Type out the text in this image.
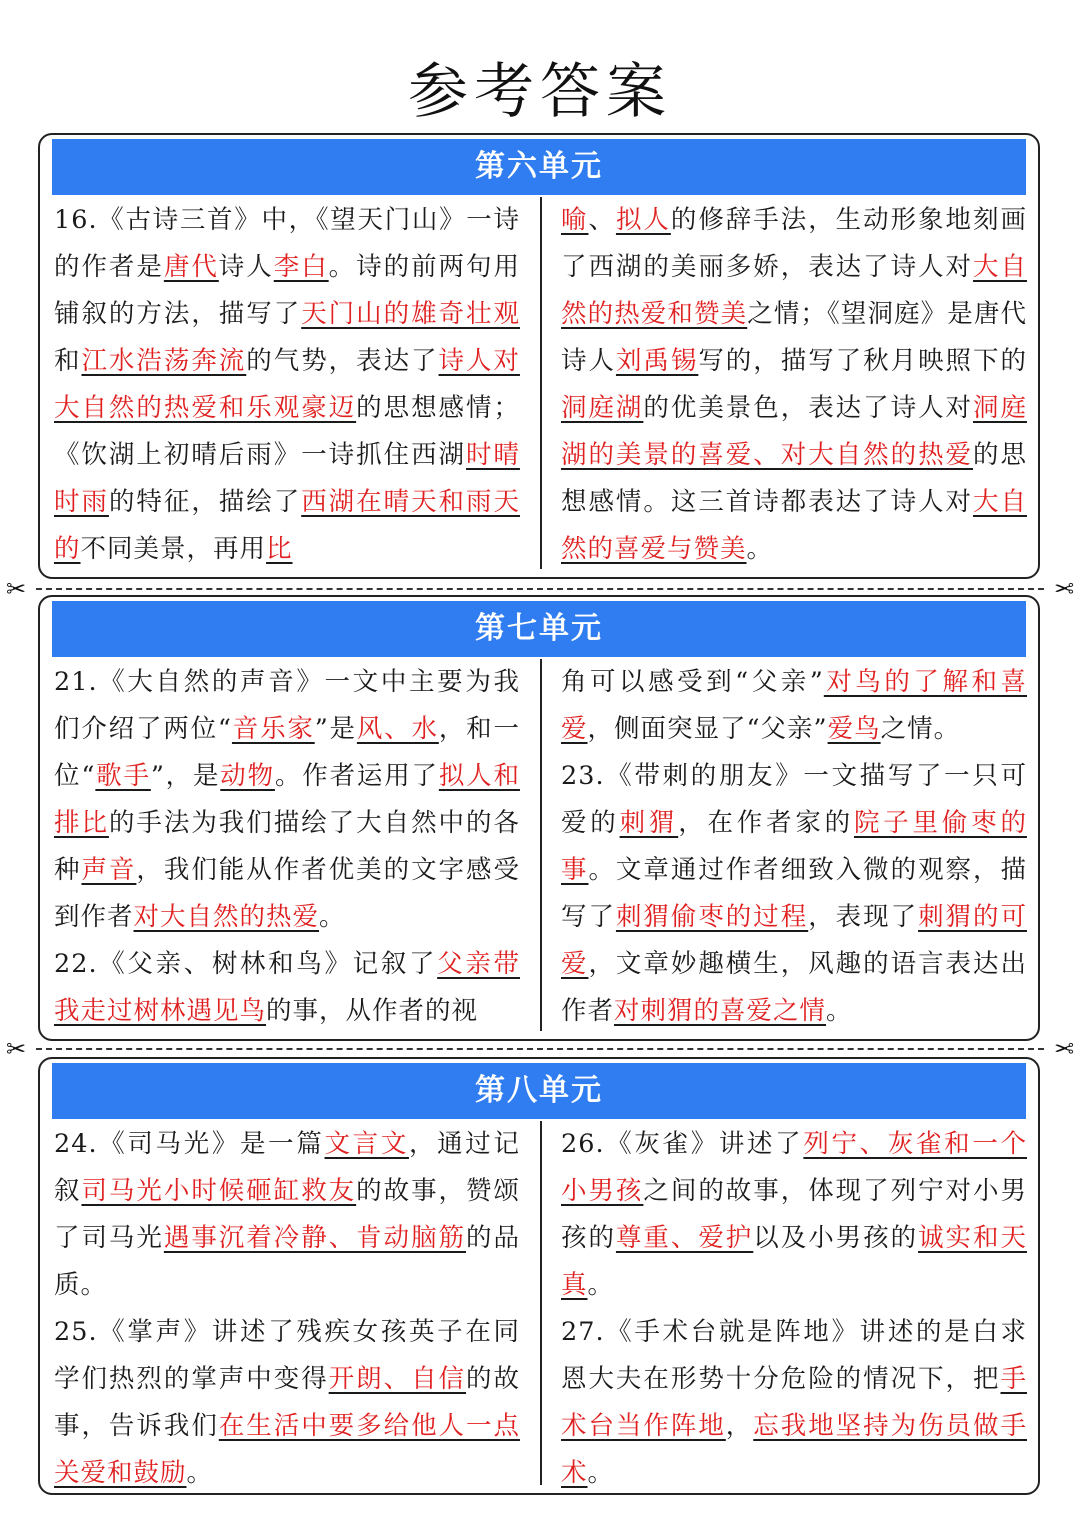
参考答案
第六单元

16.《古诗三首》中，《望天门山》一诗的作者是唐代诗人李白。诗的前两句用铺叙的方法，描写了天门山的雄奇壮观和江水浩荡奔流的气势，表达了诗人对大自然的热爱和乐观豪迈的思想感情；《饮湖上初晴后雨》一诗抓住西湖时晴时雨的特征，描绘了西湖在晴天和雨天的不同美景，再用比

喻、拟人的修辞手法，生动形象地刻画了西湖的美丽多娇，表达了诗人对大自然的热爱和赞美之情；《望洞庭》是唐代诗人刘禹锡写的，描写了秋月映照下的洞庭湖的优美景色，表达了诗人对洞庭湖的美景的喜爱、对大自然的热爱的思想感情。这三首诗都表达了诗人对大自然的喜爱与赞美。

✂	✂
第七单元

21.《大自然的声音》一文中主要为我们介绍了两位“音乐家”是风、水，和一位“歌手”，是动物。作者运用了拟人和排比的手法为我们描绘了大自然中的各种声音，我们能从作者优美的文字感受到作者对大自然的热爱。

22.《父亲、树林和鸟》记叙了父亲带我走过树林遇见鸟的事，从作者的视

角可以感受到“父亲”对鸟的了解和喜爱，侧面突显了“父亲”爱鸟之情。

23.《带刺的朋友》一文描写了一只可爱的刺猬，在作者家的院子里偷枣的事。文章通过作者细致入微的观察，描写了刺猬偷枣的过程，表现了刺猬的可爱，文章妙趣横生，风趣的语言表达出作者对刺猬的喜爱之情。

✂	✂
第八单元

24.《司马光》是一篇文言文，通过记叙司马光小时候砸缸救友的故事，赞颂了司马光遇事沉着冷静、肯动脑筋的品质。

25.《掌声》讲述了残疾女孩英子在同学们热烈的掌声中变得开朗、自信的故事，告诉我们在生活中要多给他人一点关爱和鼓励。

26.《灰雀》讲述了列宁、灰雀和一个小男孩之间的故事，体现了列宁对小男孩的尊重、爱护以及小男孩的诚实和天真。

27.《手术台就是阵地》讲述的是白求恩大夫在形势十分危险的情况下，把手术台当作阵地，忘我地坚持为伤员做手术。
